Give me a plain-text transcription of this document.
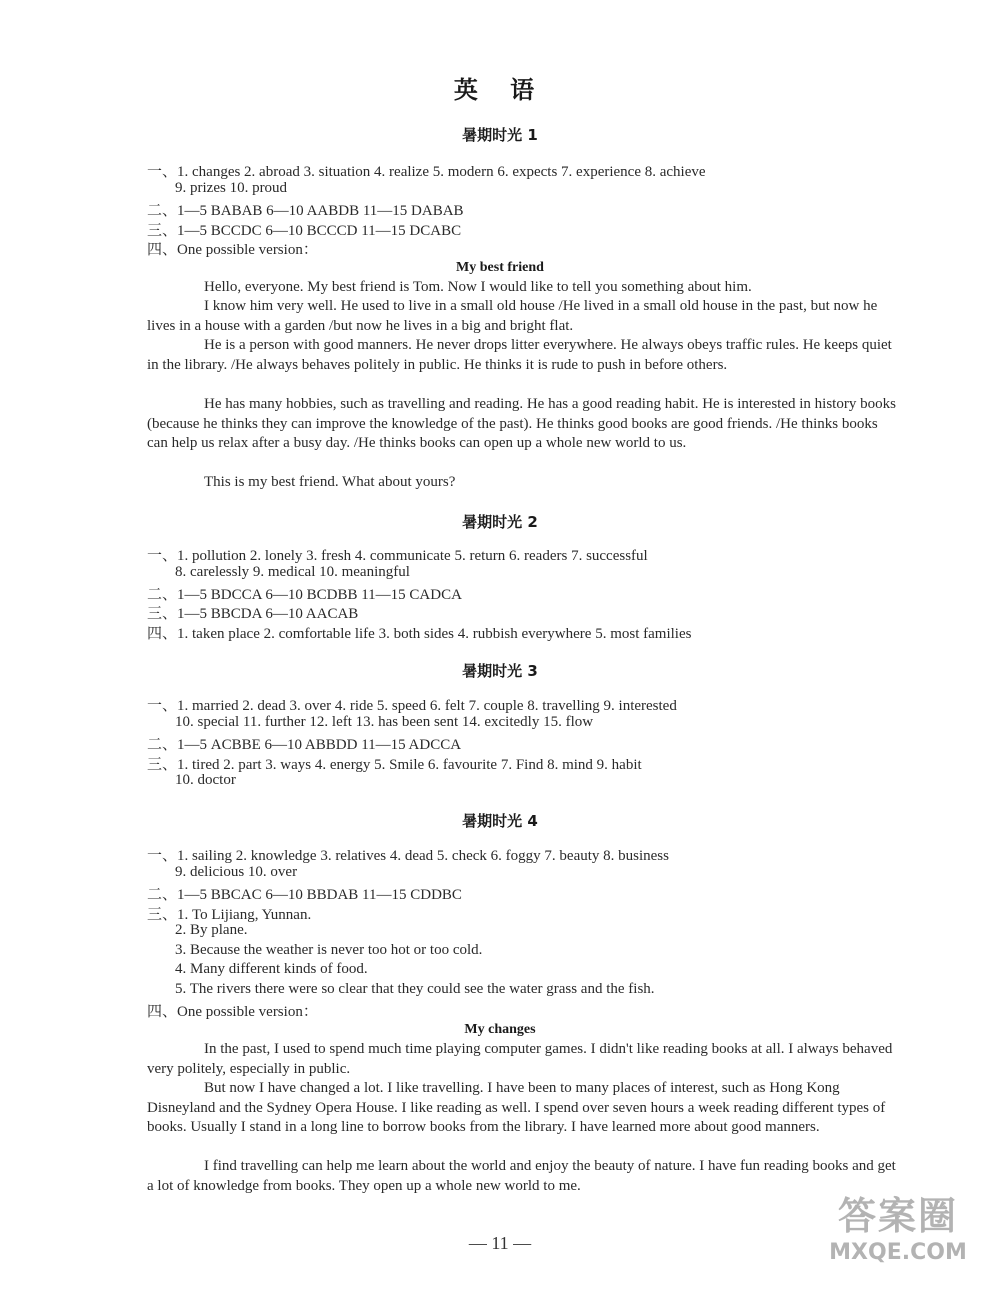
英 语
暑期时光 1
一、1. changes 2. abroad 3. situation 4. realize 5. modern 6. expects 7. experience 8. achieve
9. prizes 10. proud
二、1—5 BABAB 6—10 AABDB 11—15 DABAB
三、1—5 BCCDC 6—10 BCCCD 11—15 DCABC
四、One possible version：
My best friend
Hello, everyone. My best friend is Tom. Now I would like to tell you something about him.
I know him very well. He used to live in a small old house /He lived in a small old house in the past, but now he lives in a house with a garden /but now he lives in a big and bright flat.
He is a person with good manners. He never drops litter everywhere. He always obeys traffic rules. He keeps quiet in the library. /He always behaves politely in public. He thinks it is rude to push in before others.
He has many hobbies, such as travelling and reading. He has a good reading habit. He is interested in history books (because he thinks they can improve the knowledge of the past). He thinks good books are good friends. /He thinks books can help us relax after a busy day. /He thinks books can open up a whole new world to us.
This is my best friend. What about yours?
暑期时光 2
一、1. pollution 2. lonely 3. fresh 4. communicate 5. return 6. readers 7. successful
8. carelessly 9. medical 10. meaningful
二、1—5 BDCCA 6—10 BCDBB 11—15 CADCA
三、1—5 BBCDA 6—10 AACAB
四、1. taken place 2. comfortable life 3. both sides 4. rubbish everywhere 5. most families
暑期时光 3
一、1. married 2. dead 3. over 4. ride 5. speed 6. felt 7. couple 8. travelling 9. interested
10. special 11. further 12. left 13. has been sent 14. excitedly 15. flow
二、1—5 ACBBE 6—10 ABBDD 11—15 ADCCA
三、1. tired 2. part 3. ways 4. energy 5. Smile 6. favourite 7. Find 8. mind 9. habit
10. doctor
暑期时光 4
一、1. sailing 2. knowledge 3. relatives 4. dead 5. check 6. foggy 7. beauty 8. business
9. delicious 10. over
二、1—5 BBCAC 6—10 BBDAB 11—15 CDDBC
三、1. To Lijiang, Yunnan.
2. By plane.
3. Because the weather is never too hot or too cold.
4. Many different kinds of food.
5. The rivers there were so clear that they could see the water grass and the fish.
四、One possible version：
My changes
In the past, I used to spend much time playing computer games. I didn't like reading books at all. I always behaved very politely, especially in public.
But now I have changed a lot. I like travelling. I have been to many places of interest, such as Hong Kong Disneyland and the Sydney Opera House. I like reading as well. I spend over seven hours a week reading different types of books. Usually I stand in a long line to borrow books from the library. I have learned more about good manners.
I find travelling can help me learn about the world and enjoy the beauty of nature. I have fun reading books and get a lot of knowledge from books. They open up a whole new world to me.
— 11 —
答案圈
MXQE.COM
